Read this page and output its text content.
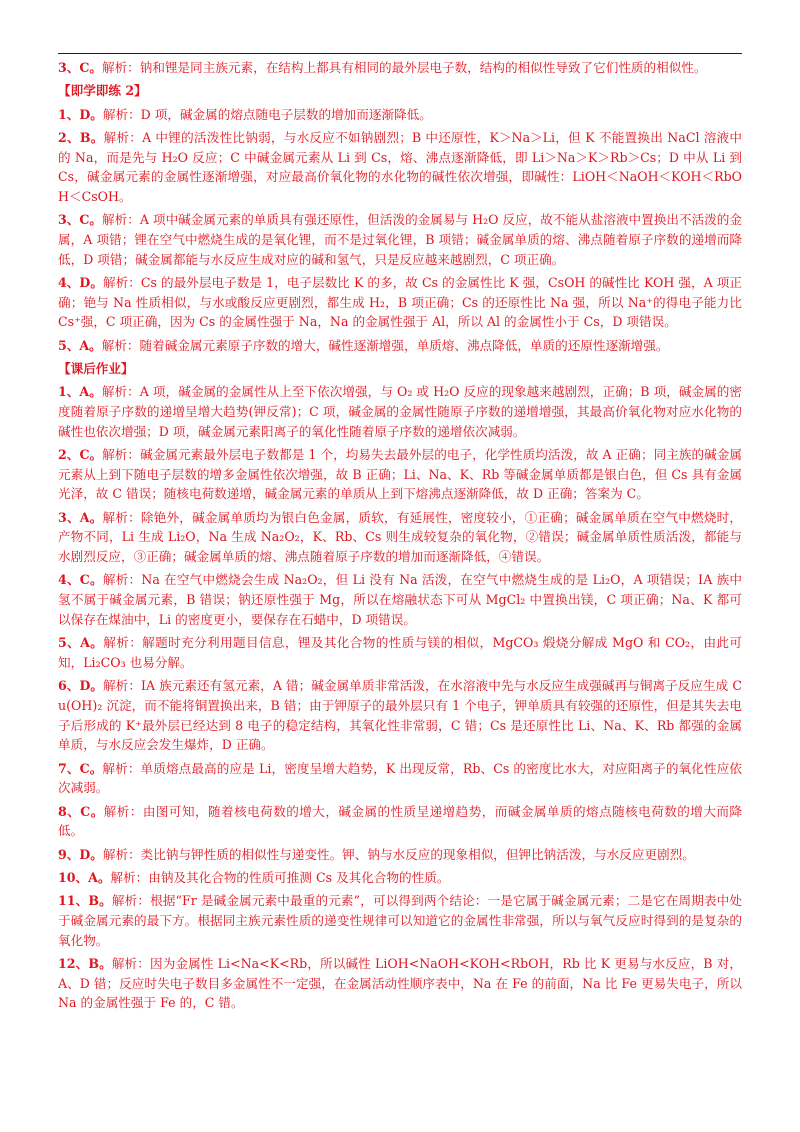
3、C。解析：钠和锂是同主族元素，在结构上都具有相同的最外层电子数，结构的相似性导致了它们性质的相似性。

【即学即练 2】

1、D。解析：D 项，碱金属的熔点随电子层数的增加而逐渐降低。

2、B。解析：A 中锂的活泼性比钠弱，与水反应不如钠剧烈；B 中还原性，K＞Na＞Li，但 K 不能置换出 NaCl 溶液中的 Na，而是先与 H₂O 反应；C 中碱金属元素从 Li 到 Cs，熔、沸点逐渐降低，即 Li＞Na＞K＞Rb＞Cs；D 中从 Li 到 Cs，碱金属元素的金属性逐渐增强，对应最高价氧化物的水化物的碱性依次增强，即碱性：LiOH＜NaOH＜KOH＜RbOH＜CsOH。

3、C。解析：A 项中碱金属元素的单质具有强还原性，但活泼的金属易与 H₂O 反应，故不能从盐溶液中置换出不活泼的金属，A 项错；锂在空气中燃烧生成的是氧化锂，而不是过氧化锂，B 项错；碱金属单质的熔、沸点随着原子序数的递增而降低，D 项错；碱金属都能与水反应生成对应的碱和氢气，只是反应越来越剧烈，C 项正确。

4、D。解析：Cs 的最外层电子数是 1，电子层数比 K 的多，故 Cs 的金属性比 K 强，CsOH 的碱性比 KOH 强，A 项正确；铯与 Na 性质相似，与水或酸反应更剧烈，都生成 H₂，B 项正确；Cs 的还原性比 Na 强，所以 Na⁺的得电子能力比 Cs⁺强，C 项正确，因为 Cs 的金属性强于 Na，Na 的金属性强于 Al，所以 Al 的金属性小于 Cs，D 项错误。

5、A。解析：随着碱金属元素原子序数的增大，碱性逐渐增强，单质熔、沸点降低，单质的还原性逐渐增强。

【课后作业】

1、A。解析：A 项，碱金属的金属性从上至下依次增强，与 O₂ 或 H₂O 反应的现象越来越剧烈，正确；B 项，碱金属的密度随着原子序数的递增呈增大趋势(钾反常)；C 项，碱金属的金属性随原子序数的递增增强，其最高价氧化物对应水化物的碱性也依次增强；D 项，碱金属元素阳离子的氧化性随着原子序数的递增依次减弱。

2、C。解析：碱金属元素最外层电子数都是 1 个，均易失去最外层的电子，化学性质均活泼，故 A 正确；同主族的碱金属元素从上到下随电子层数的增多金属性依次增强，故 B 正确；Li、Na、K、Rb 等碱金属单质都是银白色，但 Cs 具有金属光泽，故 C 错误；随核电荷数递增，碱金属元素的单质从上到下熔沸点逐渐降低，故 D 正确；答案为 C。

3、A。解析：除铯外，碱金属单质均为银白色金属，质软，有延展性，密度较小，①正确；碱金属单质在空气中燃烧时，产物不同，Li 生成 Li₂O，Na 生成 Na₂O₂，K、Rb、Cs 则生成较复杂的氧化物，②错误；碱金属单质性质活泼，都能与水剧烈反应，③正确；碱金属单质的熔、沸点随着原子序数的增加而逐渐降低，④错误。

4、C。解析：Na 在空气中燃烧会生成 Na₂O₂，但 Li 没有 Na 活泼，在空气中燃烧生成的是 Li₂O，A 项错误；ⅠA 族中氢不属于碱金属元素，B 错误；钠还原性强于 Mg，所以在熔融状态下可从 MgCl₂ 中置换出镁，C 项正确；Na、K 都可以保存在煤油中，Li 的密度更小，要保存在石蜡中，D 项错误。

5、A。解析：解题时充分利用题目信息，锂及其化合物的性质与镁的相似，MgCO₃ 煅烧分解成 MgO 和 CO₂，由此可知，Li₂CO₃ 也易分解。

6、D。解析：ⅠA 族元素还有氢元素，A 错；碱金属单质非常活泼，在水溶液中先与水反应生成强碱再与铜离子反应生成 Cu(OH)₂ 沉淀，而不能将铜置换出来，B 错；由于钾原子的最外层只有 1 个电子，钾单质具有较强的还原性，但是其失去电子后形成的 K⁺最外层已经达到 8 电子的稳定结构，其氧化性非常弱，C 错；Cs 是还原性比 Li、Na、K、Rb 都强的金属单质，与水反应会发生爆炸，D 正确。

7、C。解析：单质熔点最高的应是 Li，密度呈增大趋势，K 出现反常，Rb、Cs 的密度比水大，对应阳离子的氧化性应依次减弱。

8、C。解析：由图可知，随着核电荷数的增大，碱金属的性质呈递增趋势，而碱金属单质的熔点随核电荷数的增大而降低。

9、D。解析：类比钠与钾性质的相似性与递变性。钾、钠与水反应的现象相似，但钾比钠活泼，与水反应更剧烈。

10、A。解析：由钠及其化合物的性质可推测 Cs 及其化合物的性质。

11、B。解析：根据“Fr 是碱金属元素中最重的元素”，可以得到两个结论：一是它属于碱金属元素；二是它在周期表中处于碱金属元素的最下方。根据同主族元素性质的递变性规律可以知道它的金属性非常强，所以与氧气反应时得到的是复杂的氧化物。

12、B。解析：因为金属性 Li<Na<K<Rb，所以碱性 LiOH<NaOH<KOH<RbOH，Rb 比 K 更易与水反应，B 对，A、D 错；反应时失电子数目多金属性不一定强，在金属活动性顺序表中，Na 在 Fe 的前面，Na 比 Fe 更易失电子，所以 Na 的金属性强于 Fe 的，C 错。
